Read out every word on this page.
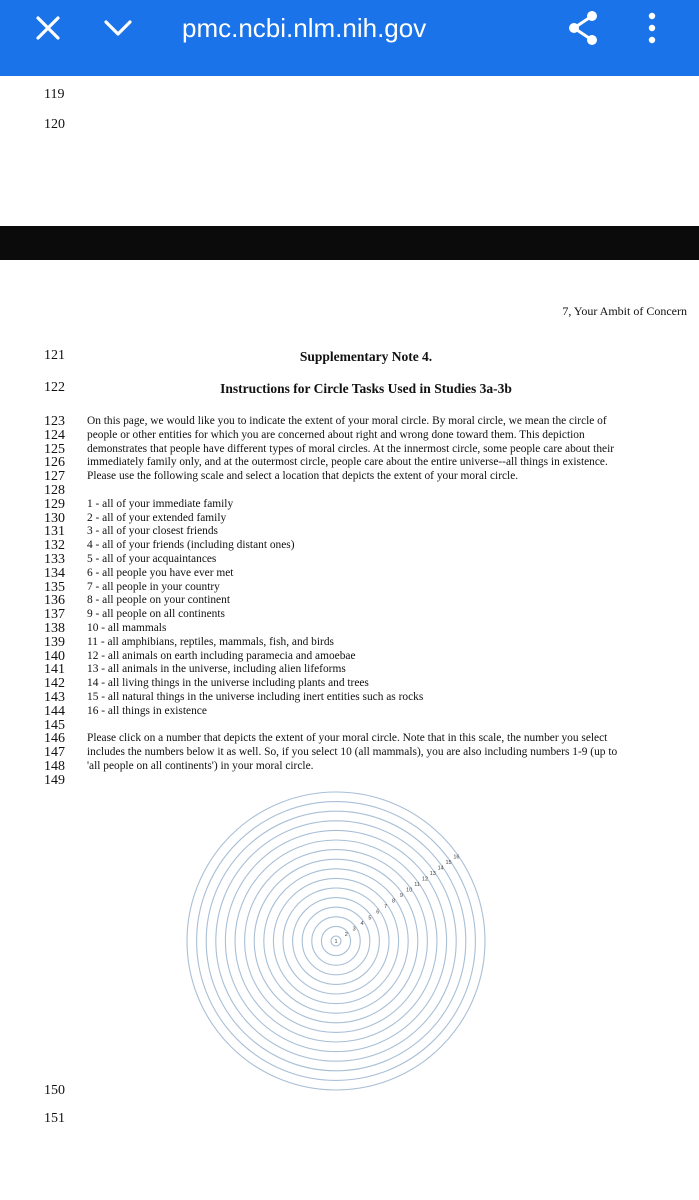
pmc.ncbi.nlm.nih.gov
119
120
7, Your Ambit of Concern
121	Supplementary Note 4.
122	Instructions for Circle Tasks Used in Studies 3a-3b
123
124
125
126
127
128
129
130
131
132
133
134
135
136
137
138
139
140
141
142
143
144
145
146
147
148
149
On this page, we would like you to indicate the extent of your moral circle. By moral circle, we mean the circle of
people or other entities for which you are concerned about right and wrong done toward them. This depiction
demonstrates that people have different types of moral circles. At the innermost circle, some people care about their
immediately family only, and at the outermost circle, people care about the entire universe--all things in existence.
Please use the following scale and select a location that depicts the extent of your moral circle.
1 - all of your immediate family
2 - all of your extended family
3 - all of your closest friends
4 - all of your friends (including distant ones)
5 - all of your acquaintances
6 - all people you have ever met
7 - all people in your country
8 - all people on your continent
9 - all people on all continents
10 - all mammals
11 - all amphibians, reptiles, mammals, fish, and birds
12 - all animals on earth including paramecia and amoebae
13 - all animals in the universe, including alien lifeforms
14 - all living things in the universe including plants and trees
15 - all natural things in the universe including inert entities such as rocks
16 - all things in existence
Please click on a number that depicts the extent of your moral circle. Note that in this scale, the number you select
includes the numbers below it as well. So, if you select 10 (all mammals), you are also including numbers 1-9 (up to
'all people on all continents') in your moral circle.
1
2
3
4
5
6
7
8
9
10
11
12
13
14
15
16
150
151
